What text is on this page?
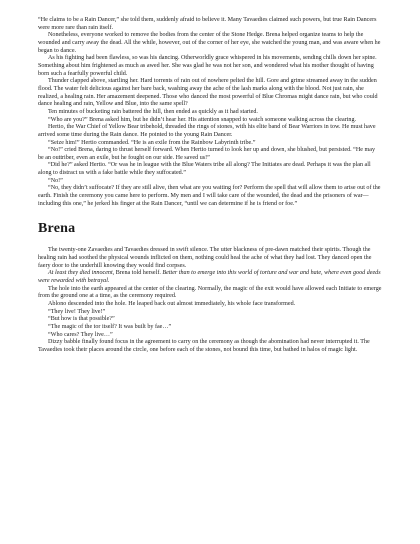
“He claims to be a Rain Dancer,” she told them, suddenly afraid to believe it. Many Tavaedies claimed such powers, but true Rain Dancers were more rare than rain itself.

Nonetheless, everyone worked to remove the bodies from the center of the Stone Hedge. Brena helped organize teams to help the wounded and carry away the dead. All the while, however, out of the corner of her eye, she watched the young man, and was aware when he began to dance.

As his fighting had been flawless, so was his dancing. Otherworldly grace whispered in his movements, sending chills down her spine. Something about him frightened as much as awed her. She was glad he was not her son, and wondered what his mother thought of having born such a fearfully powerful child.

Thunder clapped above, startling her. Hard torrents of rain out of nowhere pelted the hill. Gore and grime streamed away in the sudden flood. The water felt delicious against her bare back, washing away the ache of the lash marks along with the blood. Not just rain, she realized, a healing rain. Her amazement deepened. Those who danced the most powerful of Blue Chromas might dance rain, but who could dance healing and rain, Yellow and Blue, into the same spell?

Ten minutes of bucketing rain battered the hill, then ended as quickly as it had started.

“Who are you?” Brena asked him, but he didn’t hear her. His attention snapped to watch someone walking across the clearing.

Hertio, the War Chief of Yellow Bear tribehold, threaded the rings of stones, with his elite band of Bear Warriors in tow. He must have arrived some time during the Rain dance. He pointed to the young Rain Dancer.

“Seize him!” Hertio commanded. “He is an exile from the Rainbow Labyrinth tribe.”

“No!” cried Brena, daring to thrust herself forward. When Hertio turned to look her up and down, she blushed, but persisted. “He may be an outtriber, even an exile, but he fought on our side. He saved us!”

“Did he?” asked Hertio. “Or was he in league with the Blue Waters tribe all along? The Initiates are dead. Perhaps it was the plan all along to distract us with a fake battle while they suffocated.”

“No!”

“No, they didn’t suffocate? If they are still alive, then what are you waiting for? Perform the spell that will allow them to arise out of the earth. Finish the ceremony you came here to perform. My men and I will take care of the wounded, the dead and the prisoners of war—including this one,” he jerked his finger at the Rain Dancer, “until we can determine if he is friend or foe.”

Brena

The twenty-one Zavaedies and Tavaedies dressed in swift silence. The utter blackness of pre-dawn matched their spirits. Though the healing rain had soothed the physical wounds inflicted on them, nothing could heal the ache of what they had lost. They danced open the faery door to the underhill knowing they would find corpses.

At least they died innocent, Brena told herself. Better than to emerge into this world of torture and war and hate, where even good deeds were rewarded with betrayal.

The hole into the earth appeared at the center of the clearing. Normally, the magic of the exit would have allowed each Initiate to emerge from the ground one at a time, as the ceremony required.

Ablono descended into the hole. He leaped back out almost immediately, his whole face transformed.

“They live! They live!”

“But how is that possible?”

“The magic of the tor itself? It was built by fae…”

“Who cares? They live…”

Dizzy babble finally found focus in the agreement to carry on the ceremony as though the abomination had never interrupted it. The Tavaedies took their places around the circle, one before each of the stones, not bound this time, but bathed in halos of magic light.
